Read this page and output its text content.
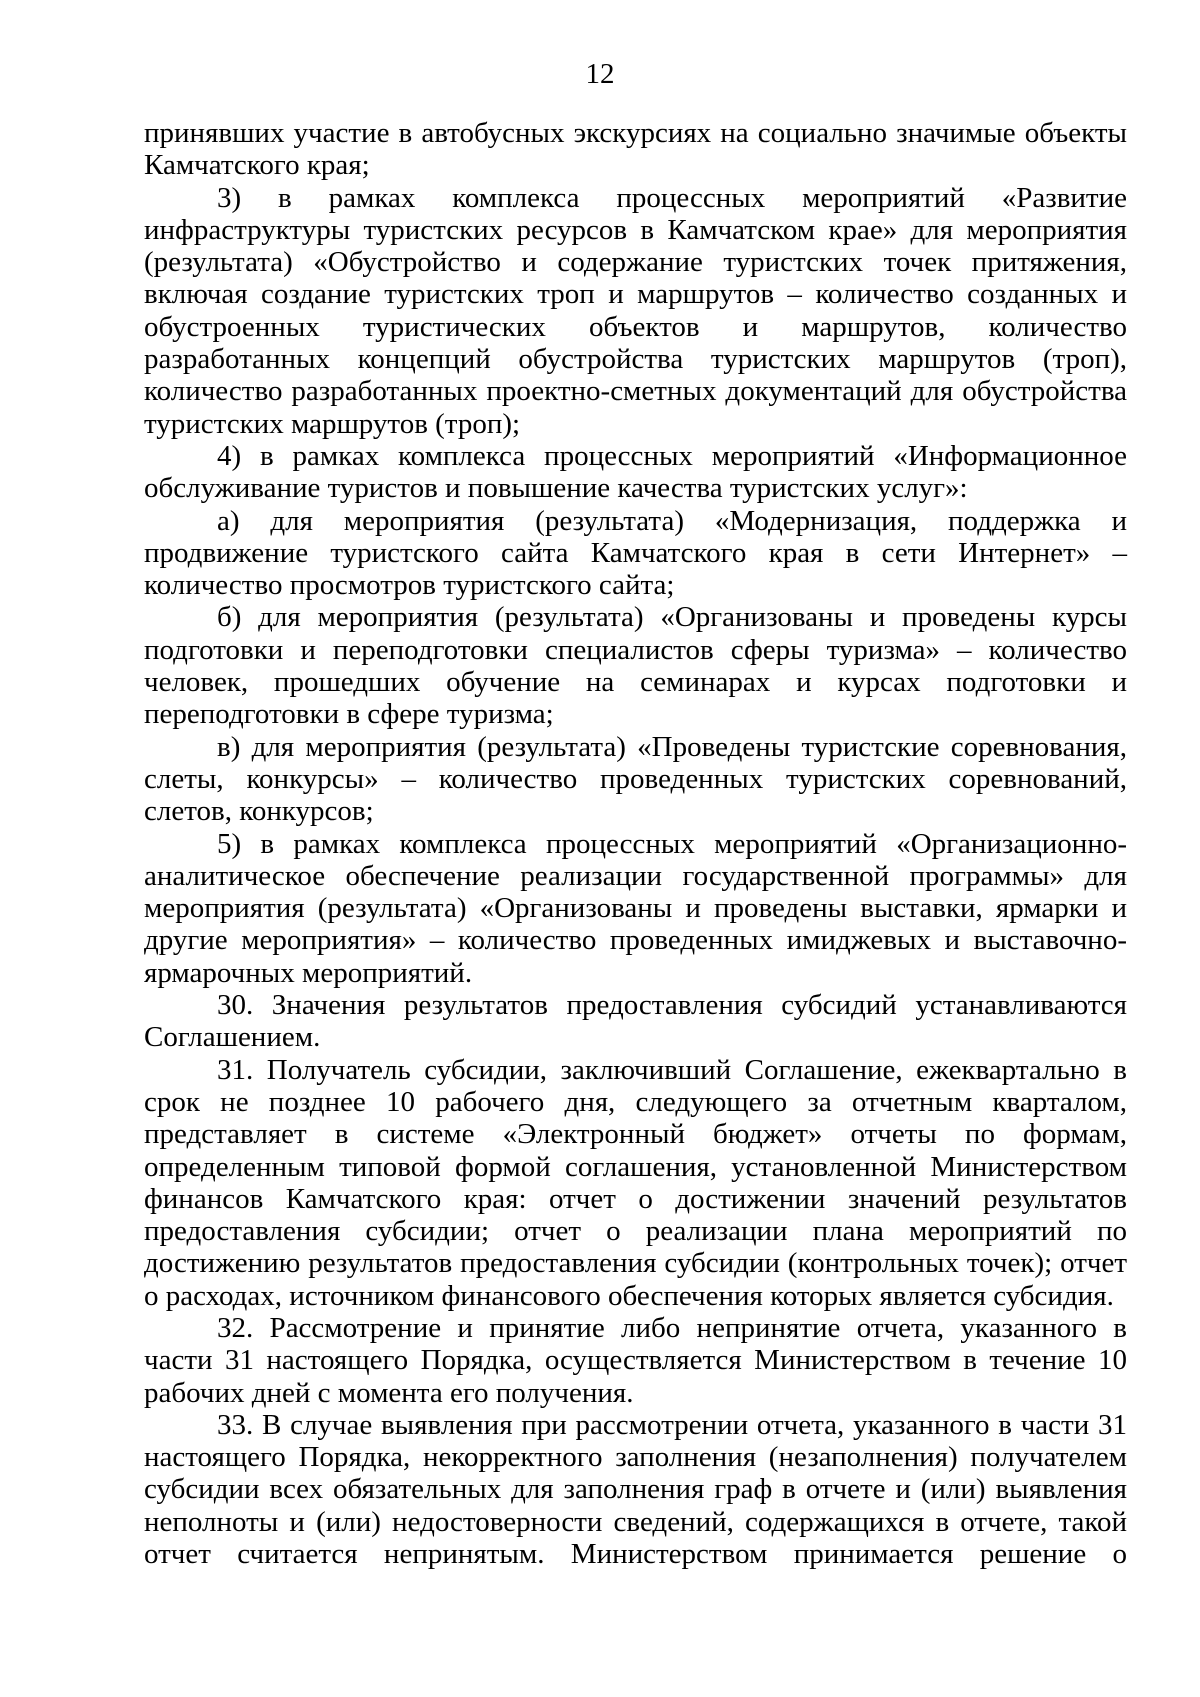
12

принявших участие в автобусных экскурсиях на социально значимые объекты Камчатского края;

3) в рамках комплекса процессных мероприятий «Развитие инфраструктуры туристских ресурсов в Камчатском крае» для мероприятия (результата) «Обустройство и содержание туристских точек притяжения, включая создание туристских троп и маршрутов – количество созданных и обустроенных туристических объектов и маршрутов, количество разработанных концепций обустройства туристских маршрутов (троп), количество разработанных проектно-сметных документаций для обустройства туристских маршрутов (троп);

4) в рамках комплекса процессных мероприятий «Информационное обслуживание туристов и повышение качества туристских услуг»:

а) для мероприятия (результата) «Модернизация, поддержка и продвижение туристского сайта Камчатского края в сети Интернет» – количество просмотров туристского сайта;

б) для мероприятия (результата) «Организованы и проведены курсы подготовки и переподготовки специалистов сферы туризма» – количество человек, прошедших обучение на семинарах и курсах подготовки и переподготовки в сфере туризма;

в) для мероприятия (результата) «Проведены туристские соревнования, слеты, конкурсы» – количество проведенных туристских соревнований, слетов, конкурсов;

5) в рамках комплекса процессных мероприятий «Организационно-аналитическое обеспечение реализации государственной программы» для мероприятия (результата) «Организованы и проведены выставки, ярмарки и другие мероприятия» – количество проведенных имиджевых и выставочно-ярмарочных мероприятий.

30. Значения результатов предоставления субсидий устанавливаются Соглашением.

31. Получатель субсидии, заключивший Соглашение, ежеквартально в срок не позднее 10 рабочего дня, следующего за отчетным кварталом, представляет в системе «Электронный бюджет» отчеты по формам, определенным типовой формой соглашения, установленной Министерством финансов Камчатского края: отчет о достижении значений результатов предоставления субсидии; отчет о реализации плана мероприятий по достижению результатов предоставления субсидии (контрольных точек); отчет о расходах, источником финансового обеспечения которых является субсидия.

32. Рассмотрение и принятие либо непринятие отчета, указанного в части 31 настоящего Порядка, осуществляется Министерством в течение 10 рабочих дней с момента его получения.

33. В случае выявления при рассмотрении отчета, указанного в части 31 настоящего Порядка, некорректного заполнения (незаполнения) получателем субсидии всех обязательных для заполнения граф в отчете и (или) выявления неполноты и (или) недостоверности сведений, содержащихся в отчете, такой отчет считается непринятым. Министерством принимается решение о
